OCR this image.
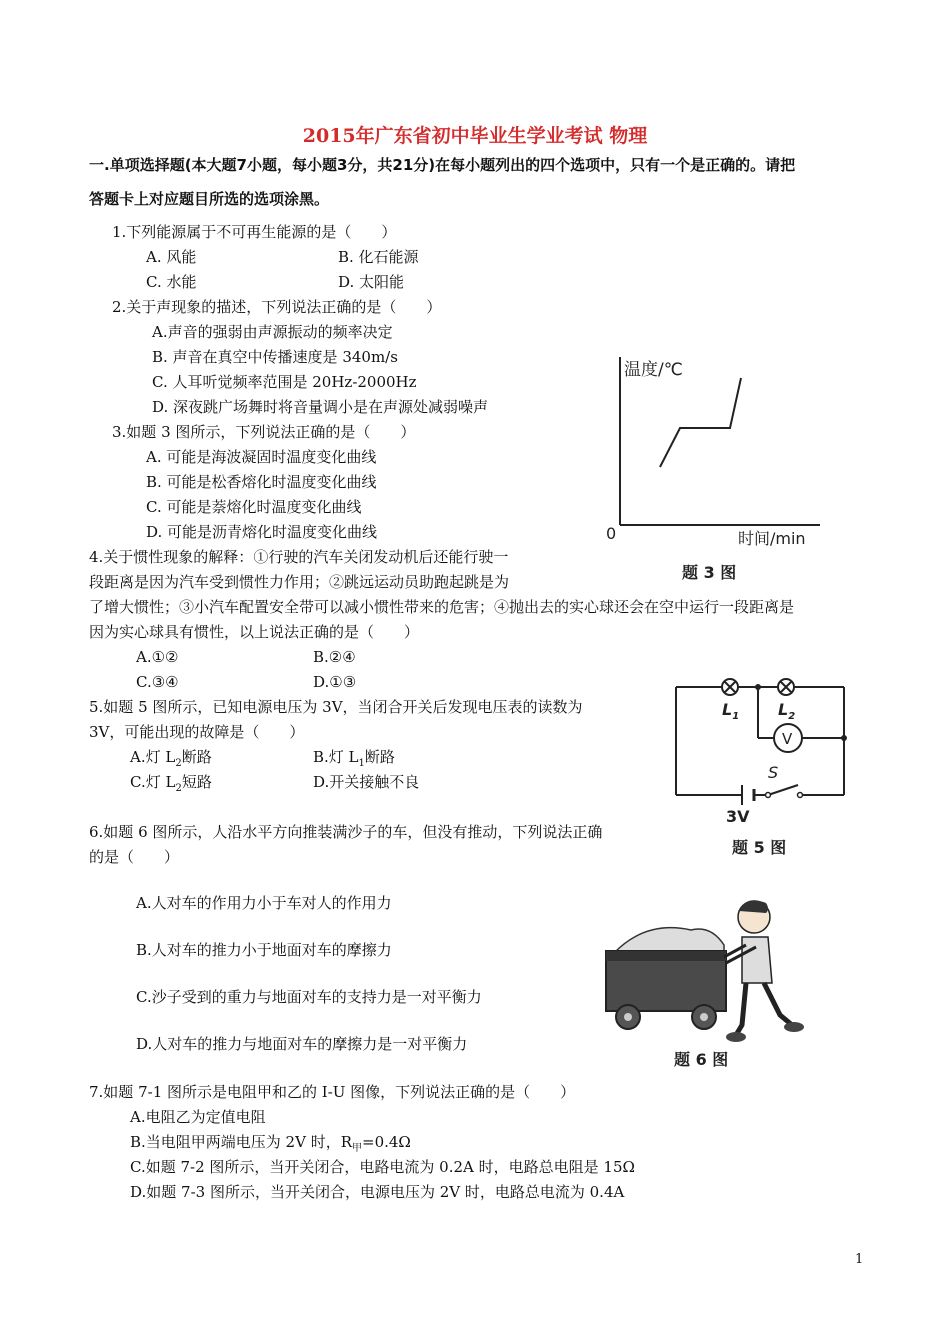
2015年广东省初中毕业生学业考试 物理
一.单项选择题(本大题7小题，每小题3分，共21分)在每小题列出的四个选项中，只有一个是正确的。请把
答题卡上对应题目所选的选项涂黑。
1.下列能源属于不可再生能源的是（　　）
A. 风能	B. 化石能源
C. 水能	D. 太阳能
2.关于声现象的描述，下列说法正确的是（　　）
A.声音的强弱由声源振动的频率决定
B. 声音在真空中传播速度是 340m/s
C. 人耳听觉频率范围是 20Hz-2000Hz
D. 深夜跳广场舞时将音量调小是在声源处减弱噪声
3.如题 3 图所示，下列说法正确的是（　　）
A. 可能是海波凝固时温度变化曲线
B. 可能是松香熔化时温度变化曲线
C. 可能是萘熔化时温度变化曲线
D. 可能是沥青熔化时温度变化曲线
温度/℃
0	时间/min
题 3 图
4.关于惯性现象的解释：①行驶的汽车关闭发动机后还能行驶一
段距离是因为汽车受到惯性力作用；②跳远运动员助跑起跳是为
了增大惯性；③小汽车配置安全带可以减小惯性带来的危害；④抛出去的实心球还会在空中运行一段距离是
因为实心球具有惯性，以上说法正确的是（　　）
A.①②	B.②④
C.③④	D.①③
5.如题 5 图所示，已知电源电压为 3V，当闭合开关后发现电压表的读数为
3V，可能出现的故障是（　　）
A.灯 $L_2$断路	B.灯 $L_1$断路
C.灯 $L_2$短路	D.开关接触不良
V
$L_1$ $L_2$
S
3V
题 5 图
6.如题 6 图所示，人沿水平方向推装满沙子的车，但没有推动，下列说法正确
的是（　　）
A.人对车的作用力小于车对人的作用力
B.人对车的推力小于地面对车的摩擦力
C.沙子受到的重力与地面对车的支持力是一对平衡力
D.人对车的推力与地面对车的摩擦力是一对平衡力
题 6 图
7.如题 7-1 图所示是电阻甲和乙的 I-U 图像，下列说法正确的是（　　）
A.电阻乙为定值电阻
B.当电阻甲两端电压为 2V 时，$R_甲=0.4\Omega$
C.如题 7-2 图所示，当开关闭合，电路电流为 0.2A 时，电路总电阻是 15Ω
D.如题 7-3 图所示，当开关闭合，电源电压为 2V 时，电路总电流为 0.4A
1
